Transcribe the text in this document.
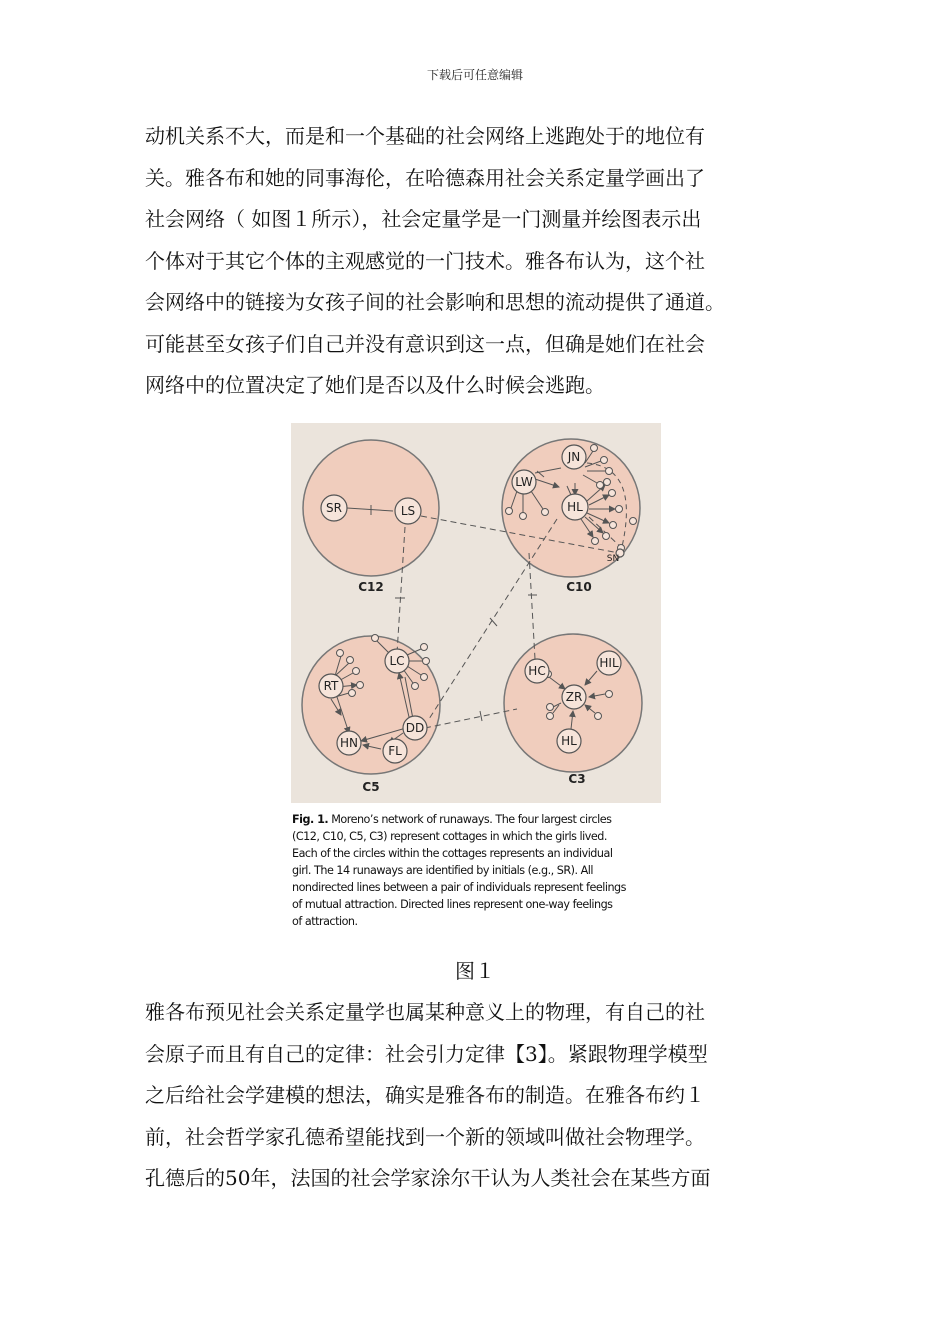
下载后可任意编辑

动机关系不大，而是和一个基础的社会网络上逃跑处于的地位有
关。雅各布和她的同事海伦，在哈德森用社会关系定量学画出了
社会网络（ 如图１所示），社会定量学是一门测量并绘图表示出
个体对于其它个体的主观感觉的一门技术。雅各布认为，这个社
会网络中的链接为女孩子间的社会影响和思想的流动提供了通道。
可能甚至女孩子们自己并没有意识到这一点，但确是她们在社会
网络中的位置决定了她们是否以及什么时候会逃跑。

SR	LS
JN
LW
HL
SN
RT
LC
DD
HN
FL
HC
HIL
ZR
HL
C12	C10
C5
C3
Fig. 1. Moreno’s network of runaways. The four largest circles
(C12, C10, C5, C3) represent cottages in which the girls lived.
Each of the circles within the cottages represents an individual
girl. The 14 runaways are identified by initials (e.g., SR). All
nondirected lines between a pair of individuals represent feelings
of mutual attraction. Directed lines represent one-way feelings
of attraction.
图１

雅各布预见社会关系定量学也属某种意义上的物理，有自己的社
会原子而且有自己的定律：社会引力定律【3】。紧跟物理学模型
之后给社会学建模的想法，确实是雅各布的制造。在雅各布约１
前，社会哲学家孔德希望能找到一个新的领域叫做社会物理学。
孔德后的50年，法国的社会学家涂尔干认为人类社会在某些方面
